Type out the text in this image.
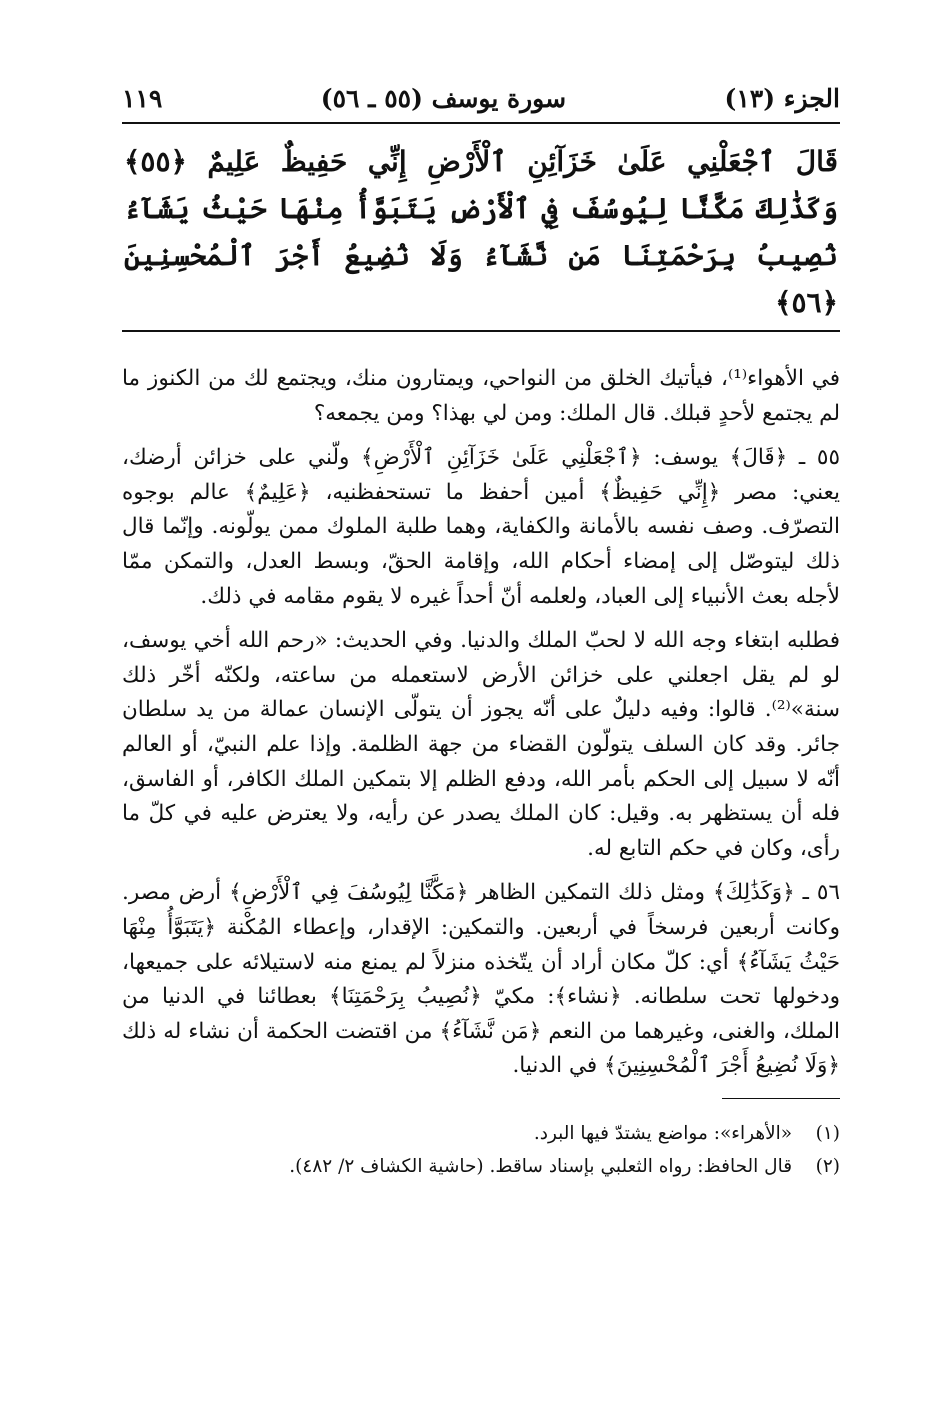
الجزء (١٣)
سورة يوسف (٥٥ ـ ٥٦)
١١٩
قَالَ ٱجْعَلْنِي عَلَىٰ خَزَآئِنِ ٱلْأَرْضِ إِنِّي حَفِيظٌ عَلِيمٌ ﴿٥٥﴾ وَكَذَٰلِكَ مَكَّنَّا لِيُوسُفَ فِي ٱلْأَرْضِ يَتَبَوَّأُ مِنْهَا حَيْثُ يَشَآءُ نُصِيبُ بِرَحْمَتِنَا مَن نَّشَآءُ وَلَا نُضِيعُ أَجْرَ ٱلْمُحْسِنِينَ ﴿٥٦﴾

في الأهواء⁽¹⁾، فيأتيك الخلق من النواحي، ويمتارون منك، ويجتمع لك من الكنوز ما لم يجتمع لأحدٍ قبلك. قال الملك: ومن لي بهذا؟ ومن يجمعه؟

٥٥ ـ ﴿قَالَ﴾ يوسف: ﴿ٱجْعَلْنِي عَلَىٰ خَزَآئِنِ ٱلْأَرْضِ﴾ ولّني على خزائن أرضك، يعني: مصر ﴿إِنِّي حَفِيظٌ﴾ أمين أحفظ ما تستحفظنيه، ﴿عَلِيمٌ﴾ عالم بوجوه التصرّف. وصف نفسه بالأمانة والكفاية، وهما طلبة الملوك ممن يولّونه. وإنّما قال ذلك ليتوصّل إلى إمضاء أحكام الله، وإقامة الحقّ، وبسط العدل، والتمكن ممّا لأجله بعث الأنبياء إلى العباد، ولعلمه أنّ أحداً غيره لا يقوم مقامه في ذلك.

فطلبه ابتغاء وجه الله لا لحبّ الملك والدنيا. وفي الحديث: «رحم الله أخي يوسف، لو لم يقل اجعلني على خزائن الأرض لاستعمله من ساعته، ولكنّه أخّر ذلك سنة»⁽²⁾. قالوا: وفيه دليلٌ على أنّه يجوز أن يتولّى الإنسان عمالة من يد سلطان جائر. وقد كان السلف يتولّون القضاء من جهة الظلمة. وإذا علم النبيّ، أو العالم أنّه لا سبيل إلى الحكم بأمر الله، ودفع الظلم إلا بتمكين الملك الكافر، أو الفاسق، فله أن يستظهر به. وقيل: كان الملك يصدر عن رأيه، ولا يعترض عليه في كلّ ما رأى، وكان في حكم التابع له.

٥٦ ـ ﴿وَكَذَٰلِكَ﴾ ومثل ذلك التمكين الظاهر ﴿مَكَّنَّا لِيُوسُفَ فِي ٱلْأَرْضِ﴾ أرض مصر. وكانت أربعين فرسخاً في أربعين. والتمكين: الإقدار، وإعطاء المُكْنة ﴿يَتَبَوَّأُ مِنْهَا حَيْثُ يَشَآءُ﴾ أي: كلّ مكان أراد أن يتّخذه منزلاً لم يمنع منه لاستيلائه على جميعها، ودخولها تحت سلطانه. ﴿نشاء﴾: مكيّ ﴿نُصِيبُ بِرَحْمَتِنَا﴾ بعطائنا في الدنيا من الملك، والغنى، وغيرهما من النعم ﴿مَن نَّشَآءُ﴾ من اقتضت الحكمة أن نشاء له ذلك ﴿وَلَا نُضِيعُ أَجْرَ ٱلْمُحْسِنِينَ﴾ في الدنيا.

(١) «الأهراء»: مواضع يشتدّ فيها البرد.
(٢) قال الحافظ: رواه الثعلبي بإسناد ساقط. (حاشية الكشاف ٢/ ٤٨٢).
